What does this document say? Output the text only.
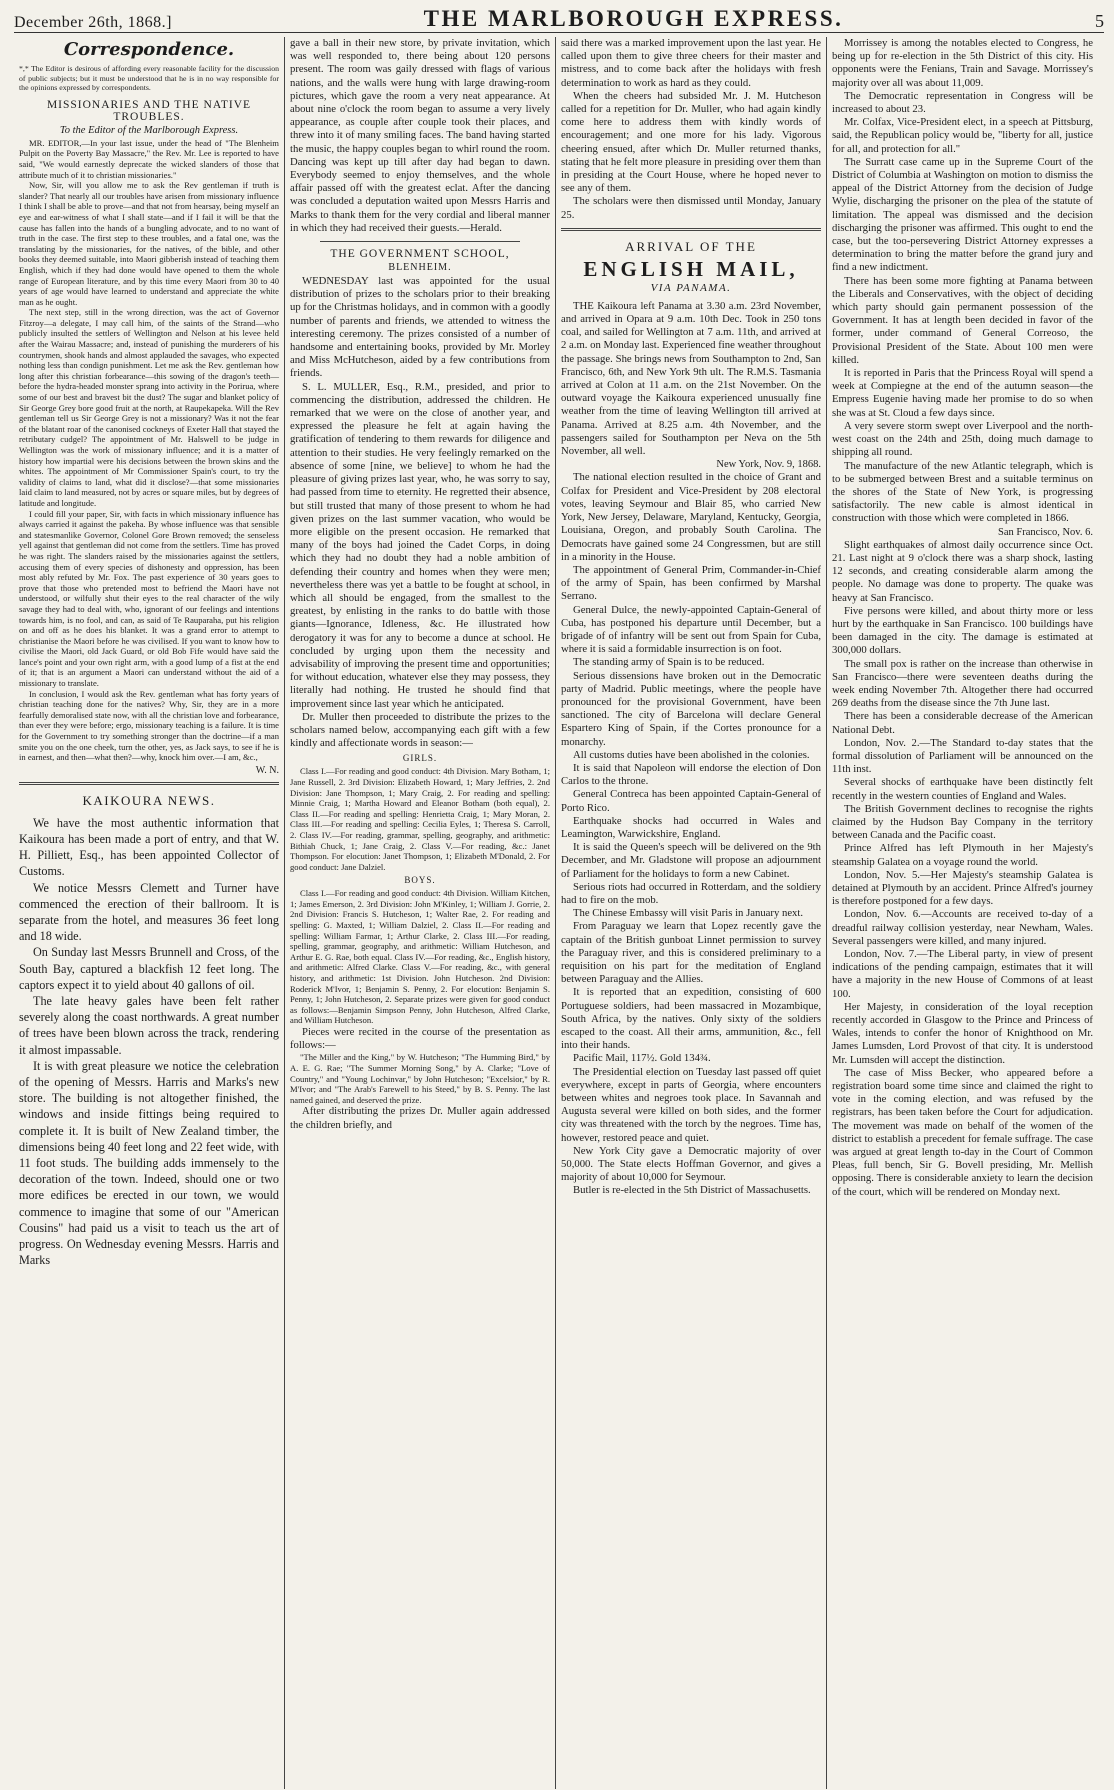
December 26th, 1868.]	THE MARLBOROUGH EXPRESS.	5
Correspondence.
*,* The Editor is desirous of affording every reasonable facility for the discussion of public subjects; but it must be understood that he is in no way responsible for the opinions expressed by correspondents.
MISSIONARIES AND THE NATIVE TROUBLES.
To the Editor of the Marlborough Express.

MR. EDITOR,—In your last issue, under the head of "The Blenheim Pulpit on the Poverty Bay Massacre," the Rev. Mr. Lee is reported to have said, "We would earnestly deprecate the wicked slanders of those that attribute much of it to christian missionaries."

Now, Sir, will you allow me to ask the Rev gentleman if truth is slander? That nearly all our troubles have arisen from missionary influence I think I shall be able to prove—and that not from hearsay, being myself an eye and ear-witness of what I shall state—and if I fail it will be that the cause has fallen into the hands of a bungling advocate, and to no want of truth in the case. The first step to these troubles, and a fatal one, was the translating by the missionaries, for the natives, of the bible, and other books they deemed suitable, into Maori gibberish instead of teaching them English, which if they had done would have opened to them the whole range of European literature, and by this time every Maori from 30 to 40 years of age would have learned to understand and appreciate the white man as he ought.

The next step, still in the wrong direction, was the act of Governor Fitzroy—a delegate, I may call him, of the saints of the Strand—who publicly insulted the settlers of Wellington and Nelson at his levee held after the Wairau Massacre; and, instead of punishing the murderers of his countrymen, shook hands and almost applauded the savages, who expected nothing less than condign punishment. Let me ask the Rev. gentleman how long after this christian forbearance—this sowing of the dragon's teeth—before the hydra-headed monster sprang into activity in the Porirua, where some of our best and bravest bit the dust? The sugar and blanket policy of Sir George Grey bore good fruit at the north, at Raupekapeka. Will the Rev gentleman tell us Sir George Grey is not a missionary? Was it not the fear of the blatant roar of the canonised cockneys of Exeter Hall that stayed the retributary cudgel? The appointment of Mr. Halswell to be judge in Wellington was the work of missionary influence; and it is a matter of history how impartial were his decisions between the brown skins and the whites. The appointment of Mr Commissioner Spain's court, to try the validity of claims to land, what did it disclose?—that some missionaries laid claim to land measured, not by acres or square miles, but by degrees of latitude and longitude.

I could fill your paper, Sir, with facts in which missionary influence has always carried it against the pakeha. By whose influence was that sensible and statesmanlike Governor, Colonel Gore Brown removed; the senseless yell against that gentleman did not come from the settlers. Time has proved he was right. The slanders raised by the missionaries against the settlers, accusing them of every species of dishonesty and oppression, has been most ably refuted by Mr. Fox. The past experience of 30 years goes to prove that those who pretended most to befriend the Maori have not understood, or wilfully shut their eyes to the real character of the wily savage they had to deal with, who, ignorant of our feelings and intentions towards him, is no fool, and can, as said of Te Rauparaha, put his religion on and off as he does his blanket. It was a grand error to attempt to christianise the Maori before he was civilised. If you want to know how to civilise the Maori, old Jack Guard, or old Bob Fife would have said the lance's point and your own right arm, with a good lump of a fist at the end of it; that is an argument a Maori can understand without the aid of a missionary to translate.

In conclusion, I would ask the Rev. gentleman what has forty years of christian teaching done for the natives? Why, Sir, they are in a more fearfully demoralised state now, with all the christian love and forbearance, than ever they were before; ergo, missionary teaching is a failure. It is time for the Government to try something stronger than the doctrine—if a man smite you on the one cheek, turn the other, yes, as Jack says, to see if he is in earnest, and then—what then?—why, knock him over.—I am, &c.,

W. N.
KAIKOURA NEWS.

We have the most authentic information that Kaikoura has been made a port of entry, and that W. H. Pilliett, Esq., has been appointed Collector of Customs.

We notice Messrs Clemett and Turner have commenced the erection of their ballroom. It is separate from the hotel, and measures 36 feet long and 18 wide.

On Sunday last Messrs Brunnell and Cross, of the South Bay, captured a blackfish 12 feet long. The captors expect it to yield about 40 gallons of oil.

The late heavy gales have been felt rather severely along the coast northwards. A great number of trees have been blown across the track, rendering it almost impassable.

It is with great pleasure we notice the celebration of the opening of Messrs. Harris and Marks's new store. The building is not altogether finished, the windows and inside fittings being required to complete it. It is built of New Zealand timber, the dimensions being 40 feet long and 22 feet wide, with 11 foot studs. The building adds immensely to the decoration of the town. Indeed, should one or two more edifices be erected in our town, we would commence to imagine that some of our "American Cousins" had paid us a visit to teach us the art of progress. On Wednesday evening Messrs. Harris and Marks

gave a ball in their new store, by private invitation, which was well responded to, there being about 120 persons present. The room was gaily dressed with flags of various nations, and the walls were hung with large drawing-room pictures, which gave the room a very neat appearance. At about nine o'clock the room began to assume a very lively appearance, as couple after couple took their places, and threw into it of many smiling faces. The band having started the music, the happy couples began to whirl round the room. Dancing was kept up till after day had began to dawn. Everybody seemed to enjoy themselves, and the whole affair passed off with the greatest eclat. After the dancing was concluded a deputation waited upon Messrs Harris and Marks to thank them for the very cordial and liberal manner in which they had received their guests.—Herald.

THE GOVERNMENT SCHOOL,
BLENHEIM.

WEDNESDAY last was appointed for the usual distribution of prizes to the scholars prior to their breaking up for the Christmas holidays, and in common with a goodly number of parents and friends, we attended to witness the interesting ceremony. The prizes consisted of a number of handsome and entertaining books, provided by Mr. Morley and Miss McHutcheson, aided by a few contributions from friends.

S. L. MULLER, Esq., R.M., presided, and prior to commencing the distribution, addressed the children. He remarked that we were on the close of another year, and expressed the pleasure he felt at again having the gratification of tendering to them rewards for diligence and attention to their studies. He very feelingly remarked on the absence of some [nine, we believe] to whom he had the pleasure of giving prizes last year, who, he was sorry to say, had passed from time to eternity. He regretted their absence, but still trusted that many of those present to whom he had given prizes on the last summer vacation, who would be more eligible on the present occasion. He remarked that many of the boys had joined the Cadet Corps, in doing which they had no doubt they had a noble ambition of defending their country and homes when they were men; nevertheless there was yet a battle to be fought at school, in which all should be engaged, from the smallest to the greatest, by enlisting in the ranks to do battle with those giants—Ignorance, Idleness, &c. He illustrated how derogatory it was for any to become a dunce at school. He concluded by urging upon them the necessity and advisability of improving the present time and opportunities; for without education, whatever else they may possess, they literally had nothing. He trusted he should find that improvement since last year which he anticipated.

Dr. Muller then proceeded to distribute the prizes to the scholars named below, accompanying each gift with a few kindly and affectionate words in season:—

GIRLS.

Class I.—For reading and good conduct: 4th Division. Mary Botham, 1; Jane Russell, 2. 3rd Division: Elizabeth Howard, 1; Mary Jeffries, 2. 2nd Division: Jane Thompson, 1; Mary Craig, 2. For reading and spelling: Minnie Craig, 1; Martha Howard and Eleanor Botham (both equal), 2. Class II.—For reading and spelling: Henrietta Craig, 1; Mary Moran, 2. Class III.—For reading and spelling: Cecilia Eyles, 1; Theresa S. Carroll, 2. Class IV.—For reading, grammar, spelling, geography, and arithmetic: Bithiah Chuck, 1; Jane Craig, 2. Class V.—For reading, &c.: Janet Thompson. For elocution: Janet Thompson, 1; Elizabeth M'Donald, 2. For good conduct: Jane Dalziel.

BOYS.

Class I.—For reading and good conduct: 4th Division. William Kitchen, 1; James Emerson, 2. 3rd Division: John M'Kinley, 1; William J. Gorrie, 2. 2nd Division: Francis S. Hutcheson, 1; Walter Rae, 2. For reading and spelling: G. Maxted, 1; William Dalziel, 2. Class II.—For reading and spelling: William Farmar, 1; Arthur Clarke, 2. Class III.—For reading, spelling, grammar, geography, and arithmetic: William Hutcheson, and Arthur E. G. Rae, both equal. Class IV.—For reading, &c., English history, and arithmetic: Alfred Clarke. Class V.—For reading, &c., with general history, and arithmetic: 1st Division. John Hutcheson. 2nd Division: Roderick M'Ivor, 1; Benjamin S. Penny, 2. For elocution: Benjamin S. Penny, 1; John Hutcheson, 2. Separate prizes were given for good conduct as follows:—Benjamin Simpson Penny, John Hutcheson, Alfred Clarke, and William Hutcheson.

Pieces were recited in the course of the presentation as follows:—

"The Miller and the King," by W. Hutcheson; "The Humming Bird," by A. E. G. Rae; "The Summer Morning Song," by A. Clarke; "Love of Country," and "Young Lochinvar," by John Hutcheson; "Excelsior," by R. M'Ivor; and "The Arab's Farewell to his Steed," by B. S. Penny. The last named gained, and deserved the prize.

After distributing the prizes Dr. Muller again addressed the children briefly, and

said there was a marked improvement upon the last year. He called upon them to give three cheers for their master and mistress, and to come back after the holidays with fresh determination to work as hard as they could.

When the cheers had subsided Mr. J. M. Hutcheson called for a repetition for Dr. Muller, who had again kindly come here to address them with kindly words of encouragement; and one more for his lady. Vigorous cheering ensued, after which Dr. Muller returned thanks, stating that he felt more pleasure in presiding over them than in presiding at the Court House, where he hoped never to see any of them.

The scholars were then dismissed until Monday, January 25.

ARRIVAL OF THE
ENGLISH MAIL,
VIA PANAMA.

THE Kaikoura left Panama at 3.30 a.m. 23rd November, and arrived in Opara at 9 a.m. 10th Dec. Took in 250 tons coal, and sailed for Wellington at 7 a.m. 11th, and arrived at 2 a.m. on Monday last. Experienced fine weather throughout the passage. She brings news from Southampton to 2nd, San Francisco, 6th, and New York 9th ult. The R.M.S. Tasmania arrived at Colon at 11 a.m. on the 21st November. On the outward voyage the Kaikoura experienced unusually fine weather from the time of leaving Wellington till arrived at Panama. Arrived at 8.25 a.m. 4th November, and the passengers sailed for Southampton per Neva on the 5th November, all well.

New York, Nov. 9, 1868.

The national election resulted in the choice of Grant and Colfax for President and Vice-President by 208 electoral votes, leaving Seymour and Blair 85, who carried New York, New Jersey, Delaware, Maryland, Kentucky, Georgia, Louisiana, Oregon, and probably South Carolina. The Democrats have gained some 24 Congressmen, but are still in a minority in the House.

The appointment of General Prim, Commander-in-Chief of the army of Spain, has been confirmed by Marshal Serrano.

General Dulce, the newly-appointed Captain-General of Cuba, has postponed his departure until December, but a brigade of of infantry will be sent out from Spain for Cuba, where it is said a formidable insurrection is on foot.

The standing army of Spain is to be reduced.

Serious dissensions have broken out in the Democratic party of Madrid. Public meetings, where the people have pronounced for the provisional Government, have been sanctioned. The city of Barcelona will declare General Espartero King of Spain, if the Cortes pronounce for a monarchy.

All customs duties have been abolished in the colonies.

It is said that Napoleon will endorse the election of Don Carlos to the throne.

General Contreca has been appointed Captain-General of Porto Rico.

Earthquake shocks had occurred in Wales and Leamington, Warwickshire, England.

It is said the Queen's speech will be delivered on the 9th December, and Mr. Gladstone will propose an adjournment of Parliament for the holidays to form a new Cabinet.

Serious riots had occurred in Rotterdam, and the soldiery had to fire on the mob.

The Chinese Embassy will visit Paris in January next.

From Paraguay we learn that Lopez recently gave the captain of the British gunboat Linnet permission to survey the Paraguay river, and this is considered preliminary to a requisition on his part for the meditation of England between Paraguay and the Allies.

It is reported that an expedition, consisting of 600 Portuguese soldiers, had been massacred in Mozambique, South Africa, by the natives. Only sixty of the soldiers escaped to the coast. All their arms, ammunition, &c., fell into their hands.

Pacific Mail, 117½. Gold 134¾.

The Presidential election on Tuesday last passed off quiet everywhere, except in parts of Georgia, where encounters between whites and negroes took place. In Savannah and Augusta several were killed on both sides, and the former city was threatened with the torch by the negroes. Time has, however, restored peace and quiet.

New York City gave a Democratic majority of over 50,000. The State elects Hoffman Governor, and gives a majority of about 10,000 for Seymour.

Butler is re-elected in the 5th District of Massachusetts.

Morrissey is among the notables elected to Congress, he being up for re-election in the 5th District of this city. His opponents were the Fenians, Train and Savage. Morrissey's majority over all was about 11,009.

The Democratic representation in Congress will be increased to about 23.

Mr. Colfax, Vice-President elect, in a speech at Pittsburg, said, the Republican policy would be, "liberty for all, justice for all, and protection for all."

The Surratt case came up in the Supreme Court of the District of Columbia at Washington on motion to dismiss the appeal of the District Attorney from the decision of Judge Wylie, discharging the prisoner on the plea of the statute of limitation. The appeal was dismissed and the decision discharging the prisoner was affirmed. This ought to end the case, but the too-persevering District Attorney expresses a determination to bring the matter before the grand jury and find a new indictment.

There has been some more fighting at Panama between the Liberals and Conservatives, with the object of deciding which party should gain permanent possession of the Government. It has at length been decided in favor of the former, under command of General Correoso, the Provisional President of the State. About 100 men were killed.

It is reported in Paris that the Princess Royal will spend a week at Compiegne at the end of the autumn season—the Empress Eugenie having made her promise to do so when she was at St. Cloud a few days since.

A very severe storm swept over Liverpool and the north-west coast on the 24th and 25th, doing much damage to shipping all round.

The manufacture of the new Atlantic telegraph, which is to be submerged between Brest and a suitable terminus on the shores of the State of New York, is progressing satisfactorily. The new cable is almost identical in construction with those which were completed in 1866.

San Francisco, Nov. 6.

Slight earthquakes of almost daily occurrence since Oct. 21. Last night at 9 o'clock there was a sharp shock, lasting 12 seconds, and creating considerable alarm among the people. No damage was done to property. The quake was heavy at San Francisco.

Five persons were killed, and about thirty more or less hurt by the earthquake in San Francisco. 100 buildings have been damaged in the city. The damage is estimated at 300,000 dollars.

The small pox is rather on the increase than otherwise in San Francisco—there were seventeen deaths during the week ending November 7th. Altogether there had occurred 269 deaths from the disease since the 7th June last.

There has been a considerable decrease of the American National Debt.

London, Nov. 2.—The Standard to-day states that the formal dissolution of Parliament will be announced on the 11th inst.

Several shocks of earthquake have been distinctly felt recently in the western counties of England and Wales.

The British Government declines to recognise the rights claimed by the Hudson Bay Company in the territory between Canada and the Pacific coast.

Prince Alfred has left Plymouth in her Majesty's steamship Galatea on a voyage round the world.

London, Nov. 5.—Her Majesty's steamship Galatea is detained at Plymouth by an accident. Prince Alfred's journey is therefore postponed for a few days.

London, Nov. 6.—Accounts are received to-day of a dreadful railway collision yesterday, near Newham, Wales. Several passengers were killed, and many injured.

London, Nov. 7.—The Liberal party, in view of present indications of the pending campaign, estimates that it will have a majority in the new House of Commons of at least 100.

Her Majesty, in consideration of the loyal reception recently accorded in Glasgow to the Prince and Princess of Wales, intends to confer the honor of Knighthood on Mr. James Lumsden, Lord Provost of that city. It is understood Mr. Lumsden will accept the distinction.

The case of Miss Becker, who appeared before a registration board some time since and claimed the right to vote in the coming election, and was refused by the registrars, has been taken before the Court for adjudication. The movement was made on behalf of the women of the district to establish a precedent for female suffrage. The case was argued at great length to-day in the Court of Common Pleas, full bench, Sir G. Bovell presiding, Mr. Mellish opposing. There is considerable anxiety to learn the decision of the court, which will be rendered on Monday next.
